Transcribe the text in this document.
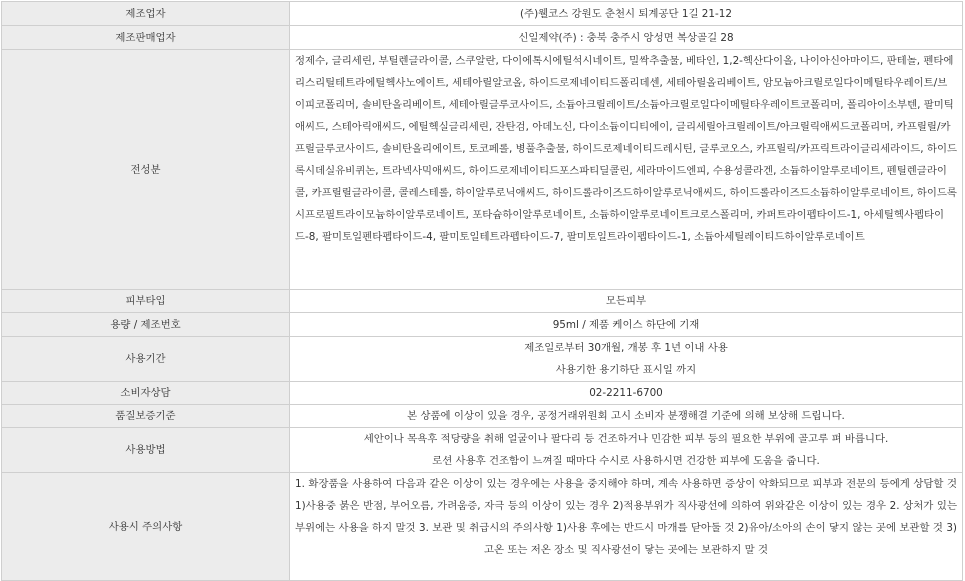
제조업자	(주)웰코스 강원도 춘천시 퇴계공단 1길 21-12
제조판매업자	신일제약(주) : 충북 충주시 앙성면 복상골길 28
전성분	정제수, 글리세린, 부틸렌글라이콜, 스쿠알란, 다이에톡시에틸석시네이트, 밀싹추출물, 베타인, 1,2-헥산다이올, 나이아신아마이드, 판테놀, 펜타에리스리틸테트라에틸헥사노에이트, 세테아릴알코올, 하이드로제네이티드폴리데센, 세테아릴올리베이트, 암모늄아크릴로일다이메틸타우레이트/브이피코폴리머, 솔비탄올리베이트, 세테아릴글루코사이드, 소듐아크릴레이트/소듐아크릴로일다이메틸타우레이트코폴리머, 폴리아이소부텐, 팔미틱애씨드, 스테아릭애씨드, 에틸헥실글리세린, 잔탄검, 아데노신, 다이소듐이디티에이, 글리세릴아크릴레이트/아크릴릭애씨드코폴리머, 카프릴릴/카프릴글루코사이드, 솔비탄올리에이트, 토코페롤, 병풀추출물, 하이드로제네이티드레시틴, 글루코오스, 카프릴릭/카프릭트라이글리세라이드, 하이드록시데실유비퀴논, 트라넥사믹애씨드, 하이드로제네이티드포스파티딜콜린, 세라마이드엔피, 수용성콜라겐, 소듐하이알루로네이트, 펜틸렌글라이콜, 카프릴릴글라이콜, 콜레스테롤, 하이알루로닉애씨드, 하이드롤라이즈드하이알루로닉애씨드, 하이드롤라이즈드소듐하이알루로네이트, 하이드록시프로필트라이모늄하이알루로네이트, 포타슘하이알루로네이트, 소듐하이알루로네이트크로스폴리머, 카퍼트라이펩타이드-1, 아세틸헥사펩타이드-8, 팔미토일펜타펩타이드-4, 팔미토일테트라펩타이드-7, 팔미토일트라이펩타이드-1, 소듐아세틸레이티드하이알루로네이트
피부타입	모든피부
용량 / 제조번호	95ml / 제품 케이스 하단에 기재
사용기간	제조일로부터 30개월, 개봉 후 1년 이내 사용
사용기한 용기하단 표시일 까지

소비자상담	02-2211-6700
품질보증기준	본 상품에 이상이 있을 경우, 공정거래위원회 고시 소비자 분쟁해결 기준에 의해 보상해 드립니다.
사용방법	세안이나 목욕후 적당량을 취해 얼굴이나 팔다리 등 건조하거나 민감한 피부 등의 필요한 부위에 골고루 펴 바릅니다.
로션 사용후 건조함이 느껴질 때마다 수시로 사용하시면 건강한 피부에 도움을 줍니다.

사용시 주의사항	1. 화장품을 사용하여 다음과 같은 이상이 있는 경우에는 사용을 중지해야 하며, 계속 사용하면 증상이 악화되므로 피부과 전문의 등에게 상담할 것 1)사용중 붉은 반점, 부어오름, 가려움증, 자극 등의 이상이 있는 경우 2)적용부위가 직사광선에 의하여 위와같은 이상이 있는 경우 2. 상처가 있는 부위에는 사용을 하지 말것 3. 보관 및 취급시의 주의사항 1)사용 후에는 반드시 마개를 닫아둘 것 2)유아/소아의 손이 닿지 않는 곳에 보관할 것 3) 고온 또는 저온 장소 및 직사광선이 닿는 곳에는 보관하지 말 것
